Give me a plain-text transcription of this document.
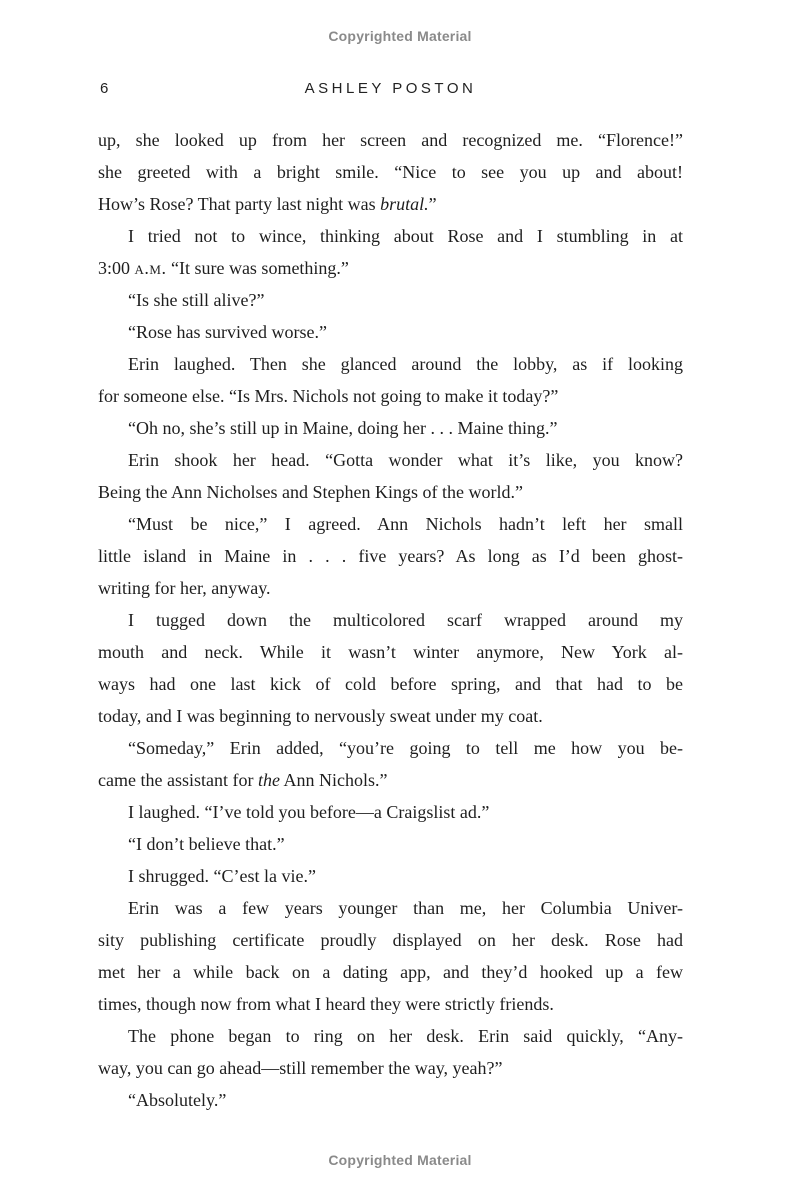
Copyrighted Material
6	ASHLEY POSTON
up, she looked up from her screen and recognized me. “Florence!”
she greeted with a bright smile. “Nice to see you up and about!
How’s Rose? That party last night was brutal.”
I tried not to wince, thinking about Rose and I stumbling in at
3:00 a.m. “It sure was something.”
“Is she still alive?”
“Rose has survived worse.”
Erin laughed. Then she glanced around the lobby, as if looking
for someone else. “Is Mrs. Nichols not going to make it today?”
“Oh no, she’s still up in Maine, doing her . . . Maine thing.”
Erin shook her head. “Gotta wonder what it’s like, you know?
Being the Ann Nicholses and Stephen Kings of the world.”
“Must be nice,” I agreed. Ann Nichols hadn’t left her small
little island in Maine in . . . five years? As long as I’d been ghost-
writing for her, anyway.
I tugged down the multicolored scarf wrapped around my
mouth and neck. While it wasn’t winter anymore, New York al-
ways had one last kick of cold before spring, and that had to be
today, and I was beginning to nervously sweat under my coat.
“Someday,” Erin added, “you’re going to tell me how you be-
came the assistant for the Ann Nichols.”
I laughed. “I’ve told you before—a Craigslist ad.”
“I don’t believe that.”
I shrugged. “C’est la vie.”
Erin was a few years younger than me, her Columbia Univer-
sity publishing certificate proudly displayed on her desk. Rose had
met her a while back on a dating app, and they’d hooked up a few
times, though now from what I heard they were strictly friends.
The phone began to ring on her desk. Erin said quickly, “Any-
way, you can go ahead—still remember the way, yeah?”
“Absolutely.”
Copyrighted Material
